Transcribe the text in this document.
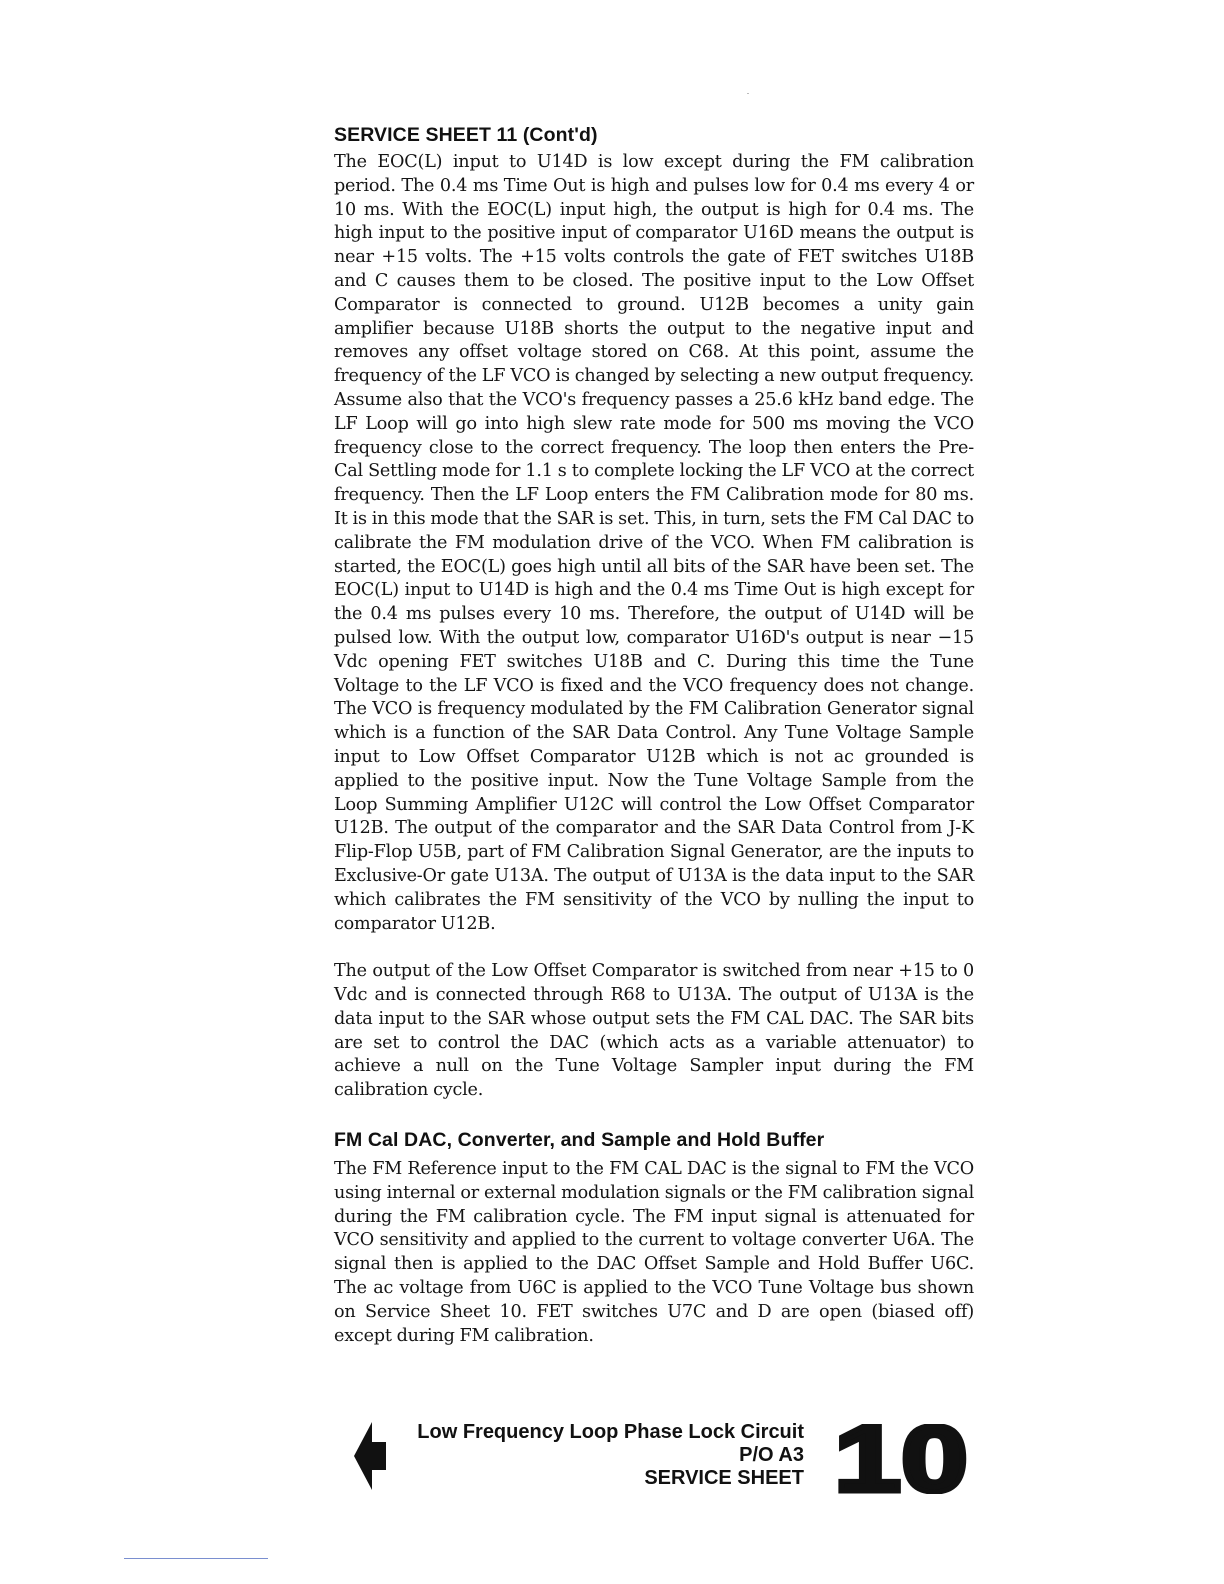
SERVICE SHEET 11 (Cont'd)

The EOC(L) input to U14D is low except during the FM calibration period. The 0.4 ms Time Out is high and pulses low for 0.4 ms every 4 or 10 ms. With the EOC(L) input high, the output is high for 0.4 ms. The high input to the positive input of comparator U16D means the output is near +15 volts. The +15 volts controls the gate of FET switches U18B and C causes them to be closed. The positive input to the Low Offset Comparator is connected to ground. U12B becomes a unity gain amplifier because U18B shorts the output to the negative input and removes any offset voltage stored on C68. At this point, assume the frequency of the LF VCO is changed by selecting a new output frequency. Assume also that the VCO's frequency passes a 25.6 kHz band edge. The LF Loop will go into high slew rate mode for 500 ms moving the VCO frequency close to the correct frequency. The loop then enters the Pre-Cal Settling mode for 1.1 s to complete locking the LF VCO at the correct frequency. Then the LF Loop enters the FM Calibration mode for 80 ms. It is in this mode that the SAR is set. This, in turn, sets the FM Cal DAC to calibrate the FM modulation drive of the VCO. When FM calibration is started, the EOC(L) goes high until all bits of the SAR have been set. The EOC(L) input to U14D is high and the 0.4 ms Time Out is high except for the 0.4 ms pulses every 10 ms. Therefore, the output of U14D will be pulsed low. With the output low, comparator U16D's output is near −15 Vdc opening FET switches U18B and C. During this time the Tune Voltage to the LF VCO is fixed and the VCO frequency does not change. The VCO is frequency modulated by the FM Calibration Generator signal which is a function of the SAR Data Control. Any Tune Voltage Sample input to Low Offset Comparator U12B which is not ac grounded is applied to the positive input. Now the Tune Voltage Sample from the Loop Summing Amplifier U12C will control the Low Offset Comparator U12B. The output of the comparator and the SAR Data Control from J-K Flip-Flop U5B, part of FM Calibration Signal Generator, are the inputs to Exclusive-Or gate U13A. The output of U13A is the data input to the SAR which calibrates the FM sensitivity of the VCO by nulling the input to comparator U12B.

The output of the Low Offset Comparator is switched from near +15 to 0 Vdc and is connected through R68 to U13A. The output of U13A is the data input to the SAR whose output sets the FM CAL DAC. The SAR bits are set to control the DAC (which acts as a variable attenuator) to achieve a null on the Tune Voltage Sampler input during the FM calibration cycle.

FM Cal DAC, Converter, and Sample and Hold Buffer

The FM Reference input to the FM CAL DAC is the signal to FM the VCO using internal or external modulation signals or the FM calibration signal during the FM calibration cycle. The FM input signal is attenuated for VCO sensitivity and applied to the current to voltage converter U6A. The signal then is applied to the DAC Offset Sample and Hold Buffer U6C. The ac voltage from U6C is applied to the VCO Tune Voltage bus shown on Service Sheet 10. FET switches U7C and D are open (biased off) except during FM calibration.

Low Frequency Loop Phase Lock Circuit
P/O A3
SERVICE SHEET 10
